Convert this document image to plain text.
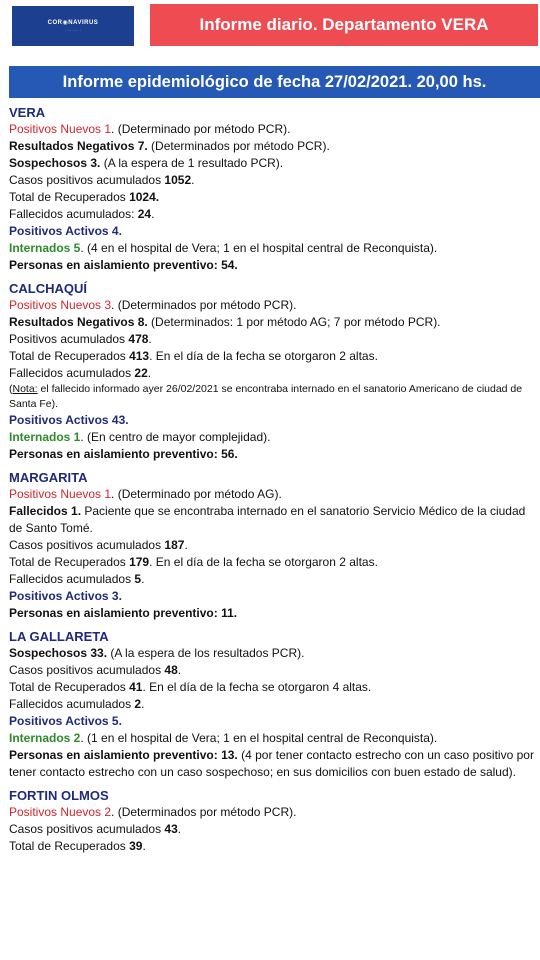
COR◉NAVIRUS
· · · · · · ·	Informe diario. Departamento VERA
Informe epidemiológico de fecha 27/02/2021. 20,00 hs.
VERA
Positivos Nuevos 1. (Determinado por método PCR).
Resultados Negativos 7. (Determinados por método PCR).
Sospechosos 3. (A la espera de 1 resultado PCR).
Casos positivos acumulados 1052.
Total de Recuperados 1024.
Fallecidos acumulados: 24.
Positivos Activos 4.
Internados 5. (4 en el hospital de Vera; 1 en el hospital central de Reconquista).
Personas en aislamiento preventivo: 54.
CALCHAQUÍ
Positivos Nuevos 3. (Determinados por método PCR).
Resultados Negativos 8. (Determinados: 1 por método AG; 7 por método PCR).
Positivos acumulados 478.
Total de Recuperados 413. En el día de la fecha se otorgaron 2 altas.
Fallecidos acumulados 22.
(Nota: el fallecido informado ayer 26/02/2021 se encontraba internado en el sanatorio Americano de ciudad de Santa Fe).
Positivos Activos 43.
Internados 1. (En centro de mayor complejidad).
Personas en aislamiento preventivo: 56.
MARGARITA
Positivos Nuevos 1. (Determinado por método AG).
Fallecidos 1. Paciente que se encontraba internado en el sanatorio Servicio Médico de la ciudad de Santo Tomé.
Casos positivos acumulados 187.
Total de Recuperados 179. En el día de la fecha se otorgaron 2 altas.
Fallecidos acumulados 5.
Positivos Activos 3.
Personas en aislamiento preventivo: 11.
LA GALLARETA
Sospechosos 33. (A la espera de los resultados PCR).
Casos positivos acumulados 48.
Total de Recuperados 41. En el día de la fecha se otorgaron 4 altas.
Fallecidos acumulados 2.
Positivos Activos 5.
Internados 2. (1 en el hospital de Vera; 1 en el hospital central de Reconquista).
Personas en aislamiento preventivo: 13. (4 por tener contacto estrecho con un caso positivo por tener contacto estrecho con un caso sospechoso; en sus domicilios con buen estado de salud).
FORTIN OLMOS
Positivos Nuevos 2. (Determinados por método PCR).
Casos positivos acumulados 43.
Total de Recuperados 39.
